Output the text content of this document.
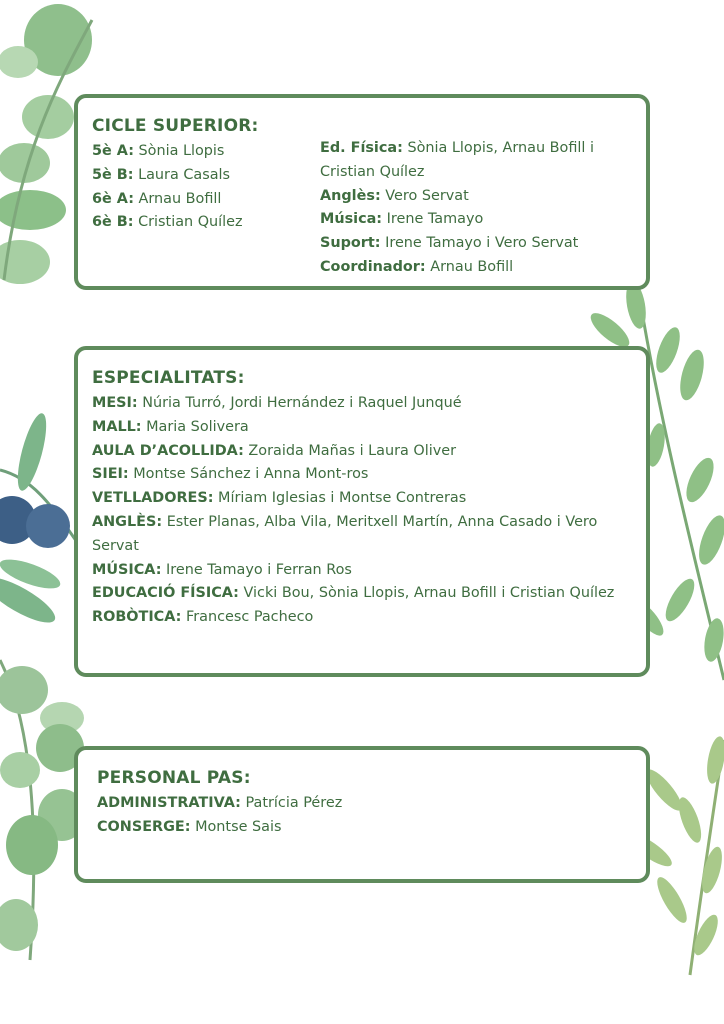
CICLE SUPERIOR:
5è A: Sònia Llopis
5è B: Laura Casals
6è A: Arnau Bofill
6è B: Cristian Quílez
Ed. Física: Sònia Llopis, Arnau Bofill i Cristian Quílez
Anglès: Vero Servat
Música: Irene Tamayo
Suport: Irene Tamayo i Vero Servat
Coordinador: Arnau Bofill
ESPECIALITATS:
MESI: Núria Turró, Jordi Hernández i Raquel Junqué
MALL: Maria Solivera
AULA D’ACOLLIDA: Zoraida Mañas i Laura Oliver
SIEI: Montse Sánchez i Anna Mont-ros
VETLLADORES: Míriam Iglesias i Montse Contreras
ANGLÈS: Ester Planas, Alba Vila, Meritxell Martín, Anna Casado i Vero Servat
MÚSICA: Irene Tamayo i Ferran Ros
EDUCACIÓ FÍSICA: Vicki Bou, Sònia Llopis, Arnau Bofill i Cristian Quílez
ROBÒTICA: Francesc Pacheco
PERSONAL PAS:
ADMINISTRATIVA: Patrícia Pérez
CONSERGE: Montse Sais
